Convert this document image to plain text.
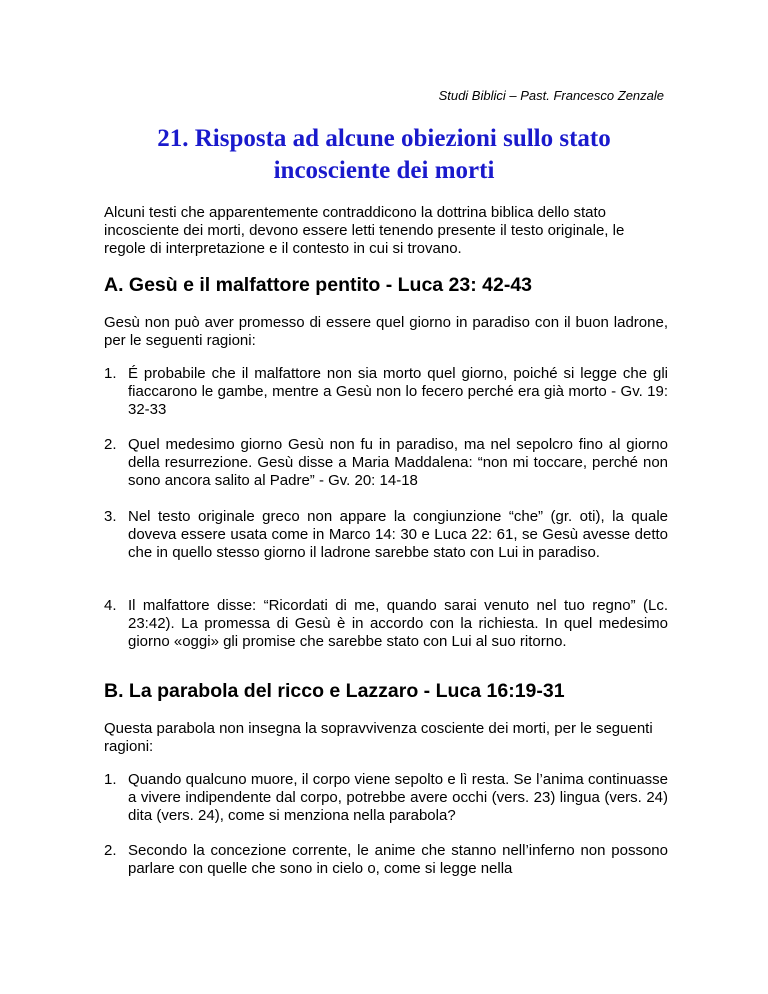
Studi Biblici – Past. Francesco Zenzale
21. Risposta ad alcune obiezioni sullo stato incosciente dei morti
Alcuni testi che apparentemente contraddicono la dottrina biblica dello stato incosciente dei morti, devono essere letti tenendo presente il testo originale, le regole di interpretazione e il contesto in cui si trovano.
A. Gesù e il malfattore pentito - Luca 23: 42-43
Gesù non può aver promesso di essere quel giorno in paradiso con il buon ladrone, per le seguenti ragioni:
1. É probabile che il malfattore non sia morto quel giorno, poiché si legge che gli fiaccarono le gambe, mentre a Gesù non lo fecero perché era già morto - Gv. 19: 32-33
2. Quel medesimo giorno Gesù non fu in paradiso, ma nel sepolcro fino al giorno della resurrezione. Gesù disse a Maria Maddalena: “non mi toccare, perché non sono ancora salito al Padre” - Gv. 20: 14-18
3. Nel testo originale greco non appare la congiunzione “che” (gr. oti), la quale doveva essere usata come in Marco 14: 30 e Luca 22: 61, se Gesù avesse detto che in quello stesso giorno il ladrone sarebbe stato con Lui in paradiso.
4. Il malfattore disse: “Ricordati di me, quando sarai venuto nel tuo regno” (Lc. 23:42). La promessa di Gesù è in accordo con la richiesta. In quel medesimo giorno «oggi» gli promise che sarebbe stato con Lui al suo ritorno.
B. La parabola del ricco e Lazzaro - Luca 16:19-31
Questa parabola non insegna la sopravvivenza cosciente dei morti, per le seguenti ragioni:
1. Quando qualcuno muore, il corpo viene sepolto e lì resta. Se l’anima continuasse a vivere indipendente dal corpo, potrebbe avere occhi (vers. 23) lingua (vers. 24) dita (vers. 24), come si menziona nella parabola?
2. Secondo la concezione corrente, le anime che stanno nell’inferno non possono parlare con quelle che sono in cielo o, come si legge nella
